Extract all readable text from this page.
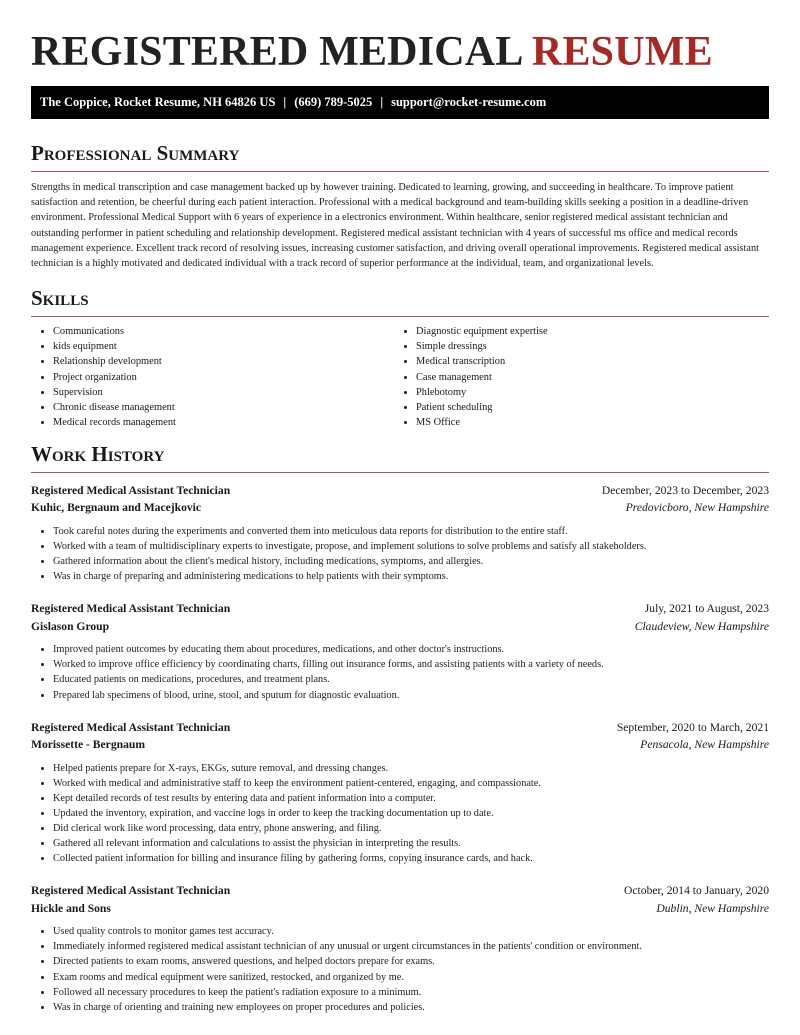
REGISTERED MEDICAL RESUME
The Coppice, Rocket Resume, NH 64826 US | (669) 789-5025 | support@rocket-resume.com
Professional Summary

Strengths in medical transcription and case management backed up by however training. Dedicated to learning, growing, and succeeding in healthcare. To improve patient satisfaction and retention, be cheerful during each patient interaction. Professional with a medical background and team-building skills seeking a position in a deadline-driven environment. Professional Medical Support with 6 years of experience in a electronics environment. Within healthcare, senior registered medical assistant technician and outstanding performer in patient scheduling and relationship development. Registered medical assistant technician with 4 years of successful ms office and medical records management experience. Excellent track record of resolving issues, increasing customer satisfaction, and driving overall operational improvements. Registered medical assistant technician is a highly motivated and dedicated individual with a track record of superior performance at the individual, team, and organizational levels.

Skills
• Communications
• kids equipment
• Relationship development
• Project organization
• Supervision
• Chronic disease management
• Medical records management
• Diagnostic equipment expertise
• Simple dressings
• Medical transcription
• Case management
• Phlebotomy
• Patient scheduling
• MS Office
Work History
Registered Medical Assistant Technician	December, 2023 to December, 2023
Kuhic, Bergnaum and Macejkovic	Predovicboro, New Hampshire
• Took careful notes during the experiments and converted them into meticulous data reports for distribution to the entire staff.
• Worked with a team of multidisciplinary experts to investigate, propose, and implement solutions to solve problems and satisfy all stakeholders.
• Gathered information about the client's medical history, including medications, symptoms, and allergies.
• Was in charge of preparing and administering medications to help patients with their symptoms.
Registered Medical Assistant Technician	July, 2021 to August, 2023
Gislason Group	Claudeview, New Hampshire
• Improved patient outcomes by educating them about procedures, medications, and other doctor's instructions.
• Worked to improve office efficiency by coordinating charts, filling out insurance forms, and assisting patients with a variety of needs.
• Educated patients on medications, procedures, and treatment plans.
• Prepared lab specimens of blood, urine, stool, and sputum for diagnostic evaluation.
Registered Medical Assistant Technician	September, 2020 to March, 2021
Morissette - Bergnaum	Pensacola, New Hampshire
• Helped patients prepare for X-rays, EKGs, suture removal, and dressing changes.
• Worked with medical and administrative staff to keep the environment patient-centered, engaging, and compassionate.
• Kept detailed records of test results by entering data and patient information into a computer.
• Updated the inventory, expiration, and vaccine logs in order to keep the tracking documentation up to date.
• Did clerical work like word processing, data entry, phone answering, and filing.
• Gathered all relevant information and calculations to assist the physician in interpreting the results.
• Collected patient information for billing and insurance filing by gathering forms, copying insurance cards, and hack.
Registered Medical Assistant Technician	October, 2014 to January, 2020
Hickle and Sons	Dublin, New Hampshire
• Used quality controls to monitor games test accuracy.
• Immediately informed registered medical assistant technician of any unusual or urgent circumstances in the patients' condition or environment.
• Directed patients to exam rooms, answered questions, and helped doctors prepare for exams.
• Exam rooms and medical equipment were sanitized, restocked, and organized by me.
• Followed all necessary procedures to keep the patient's radiation exposure to a minimum.
• Was in charge of orienting and training new employees on proper procedures and policies.
